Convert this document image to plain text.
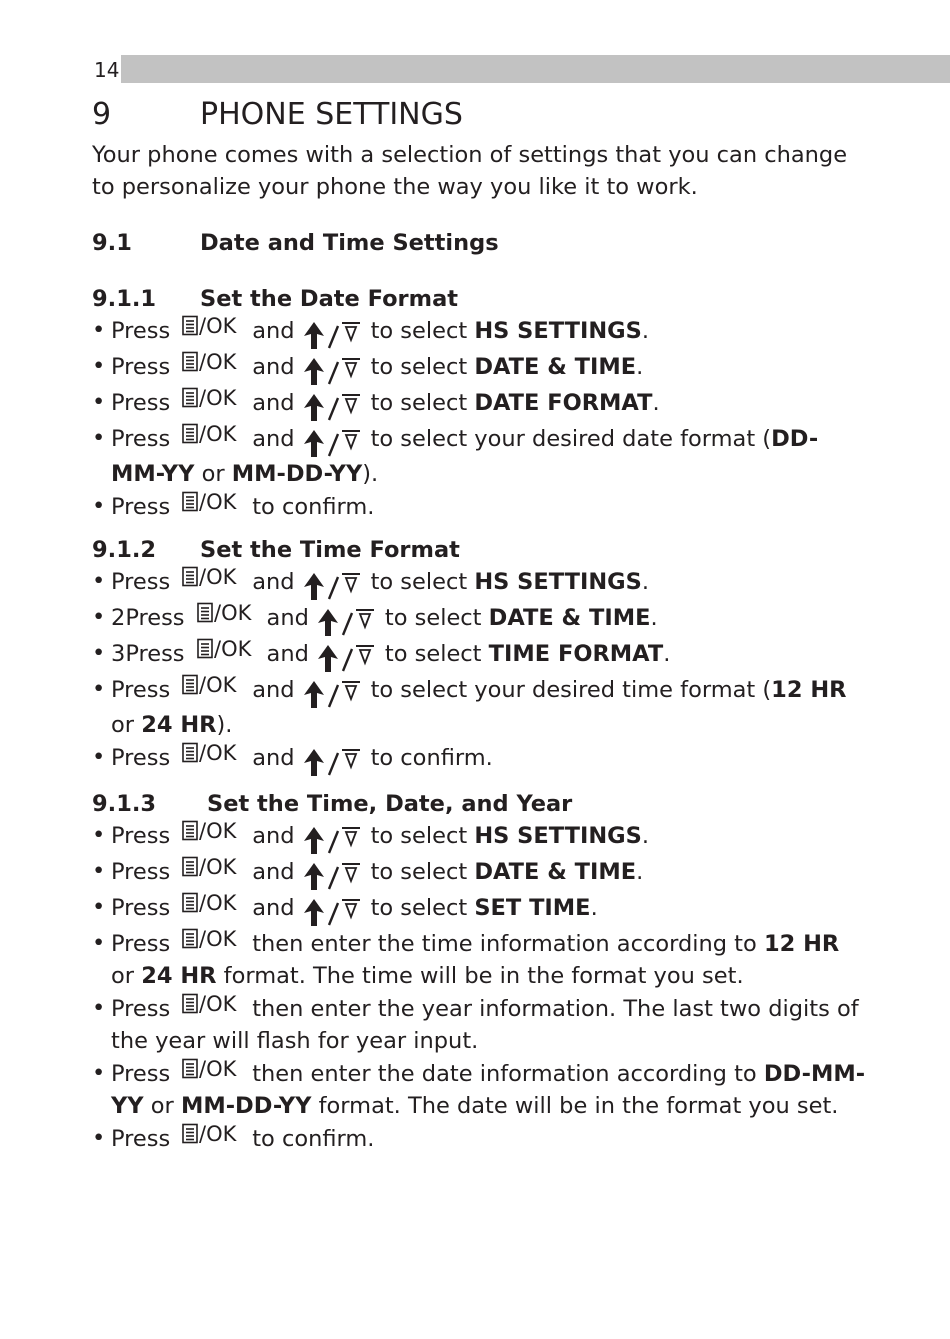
14
9	PHONE SETTINGS

Your phone comes with a selection of settings that you can change to personalize your phone the way you like it to work.

9.1	Date and Time Settings
9.1.1	Set the Date Format
• Press /OK and	to select HS SETTINGS.
• Press /OK and	to select DATE & TIME.
• Press /OK and	to select DATE FORMAT.
• Press /OK and	to select your desired date format (DD-MM-YY or MM-DD-YY).
• Press /OK to confirm.
9.1.2	Set the Time Format
• Press /OK and	to select HS SETTINGS.
• 2Press /OK and	to select DATE & TIME.
• 3Press /OK and	to select TIME FORMAT.
• Press /OK and	to select your desired time format (12 HR or 24 HR).
• Press /OK and	to confirm.
9.1.3	Set the Time, Date, and Year
• Press /OK and	to select HS SETTINGS.
• Press /OK and	to select DATE & TIME.
• Press /OK and	to select SET TIME.
• Press /OK then enter the time information according to 12 HR or 24 HR format. The time will be in the format you set.
• Press /OK then enter the year information. The last two digits of the year will flash for year input.
• Press /OK then enter the date information according to DD-MM-YY or MM-DD-YY format. The date will be in the format you set.
• Press /OK to confirm.
